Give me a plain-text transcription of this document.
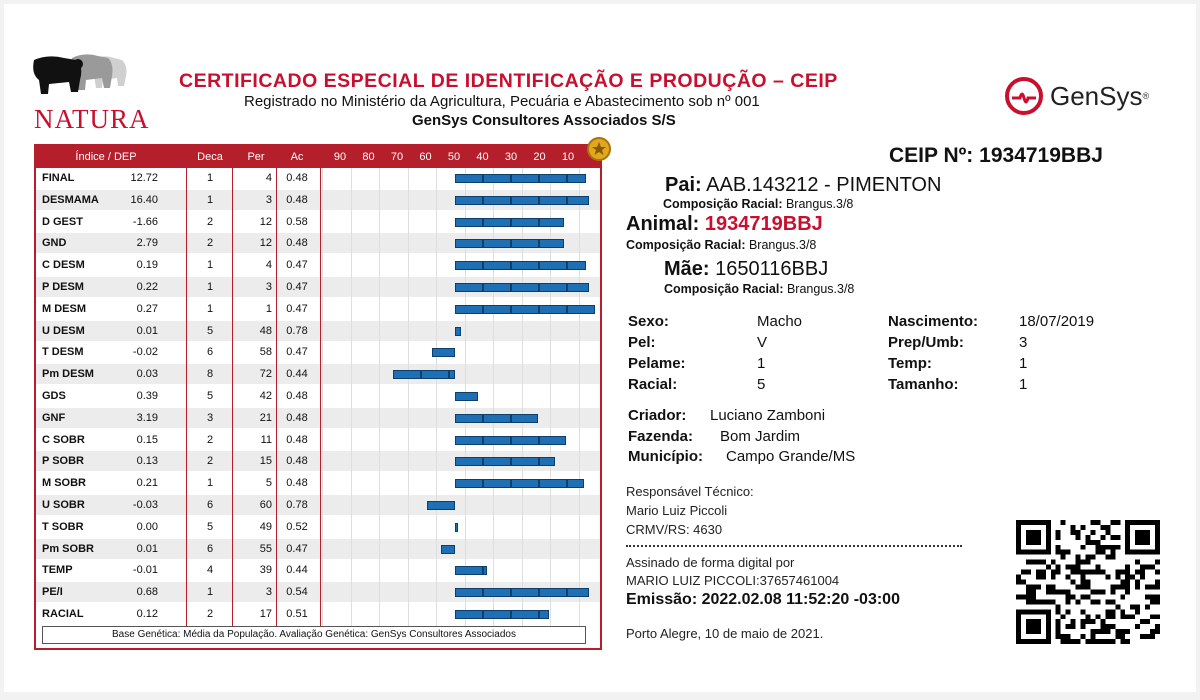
NATURA
CERTIFICADO ESPECIAL DE IDENTIFICAÇÃO E PRODUÇÃO – CEIP
Registrado no Ministério da Agricultura, Pecuária e Abastecimento sob nº 001
GenSys Consultores Associados S/S
GenSys ®
Índice / DEP	Deca	Per	Ac	90	80	70	60	50	40	30	20	10
FINAL	12.72	1	4	0.48
DESMAMA	16.40	1	3	0.48
D GEST	-1.66	2	12	0.58
GND	2.79	2	12	0.48
C DESM	0.19	1	4	0.47
P DESM	0.22	1	3	0.47
M DESM	0.27	1	1	0.47
U DESM	0.01	5	48	0.78
T DESM	-0.02	6	58	0.47
Pm DESM	0.03	8	72	0.44
GDS	0.39	5	42	0.48
GNF	3.19	3	21	0.48
C SOBR	0.15	2	11	0.48
P SOBR	0.13	2	15	0.48
M SOBR	0.21	1	5	0.48
U SOBR	-0.03	6	60	0.78
T SOBR	0.00	5	49	0.52
Pm SOBR	0.01	6	55	0.47
TEMP	-0.01	4	39	0.44
PE/I	0.68	1	3	0.54
RACIAL	0.12	2	17	0.51
Base Genética: Média da População. Avaliação Genética: GenSys Consultores Associados
CEIP Nº: 1934719BBJ
Pai: AAB.143212 - PIMENTON
Composição Racial: Brangus.3/8
Animal: 1934719BBJ
Composição Racial: Brangus.3/8
Mãe: 1650116BBJ
Composição Racial: Brangus.3/8
Sexo:	Macho	Nascimento:	18/07/2019
Pel:	V	Prep/Umb:	3
Pelame:	1	Temp:	1
Racial:	5	Tamanho:	1
Criador: Luciano Zamboni
Fazenda: Bom Jardim
Município: Campo Grande/MS
Responsável Técnico:
Mario Luiz Piccoli
CRMV/RS: 4630
Assinado de forma digital por
MARIO LUIZ PICCOLI:37657461004
Emissão: 2022.02.08 11:52:20 -03:00
Porto Alegre, 10 de maio de 2021.
